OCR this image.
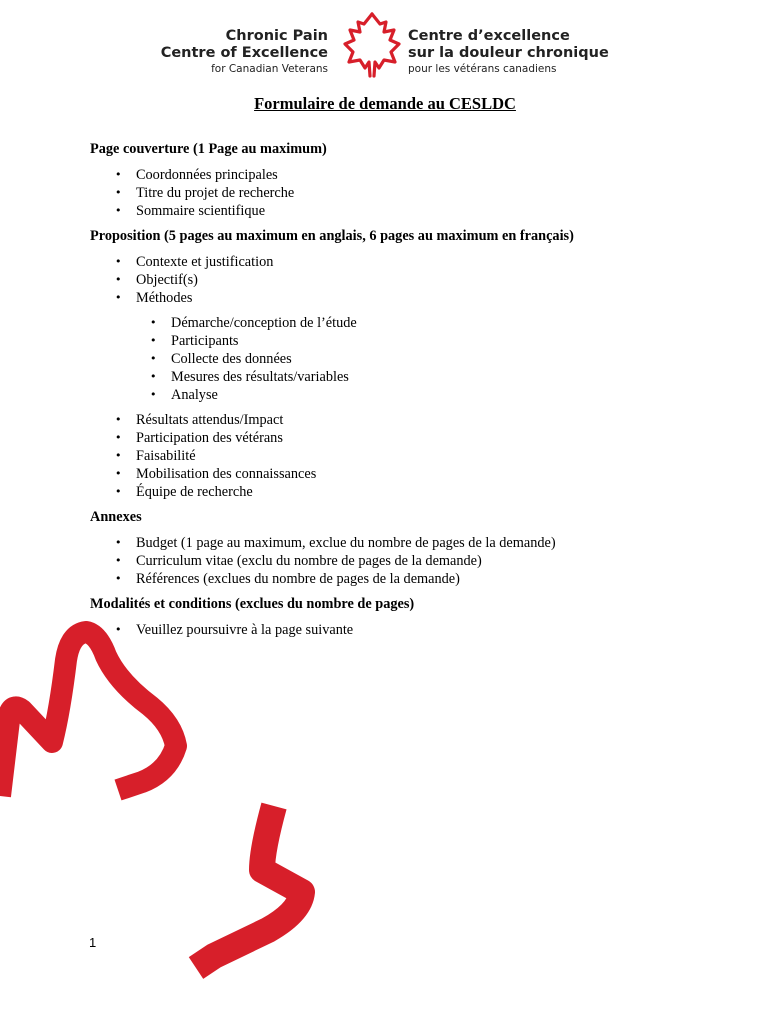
Chronic Pain
Centre of Excellence
for Canadian Veterans
Centre d’excellence
sur la douleur chronique
pour les vétérans canadiens
Formulaire de demande au CESLDC
Page couverture (1 Page au maximum)
• Coordonnées principales
• Titre du projet de recherche
• Sommaire scientifique
Proposition (5 pages au maximum en anglais, 6 pages au maximum en français)
• Contexte et justification
• Objectif(s)
• Méthodes
• Démarche/conception de l’étude
• Participants
• Collecte des données
• Mesures des résultats/variables
• Analyse
• Résultats attendus/Impact
• Participation des vétérans
• Faisabilité
• Mobilisation des connaissances
• Équipe de recherche
Annexes
• Budget (1 page au maximum, exclue du nombre de pages de la demande)
• Curriculum vitae (exclu du nombre de pages de la demande)
• Références (exclues du nombre de pages de la demande)
Modalités et conditions (exclues du nombre de pages)
• Veuillez poursuivre à la page suivante
1
